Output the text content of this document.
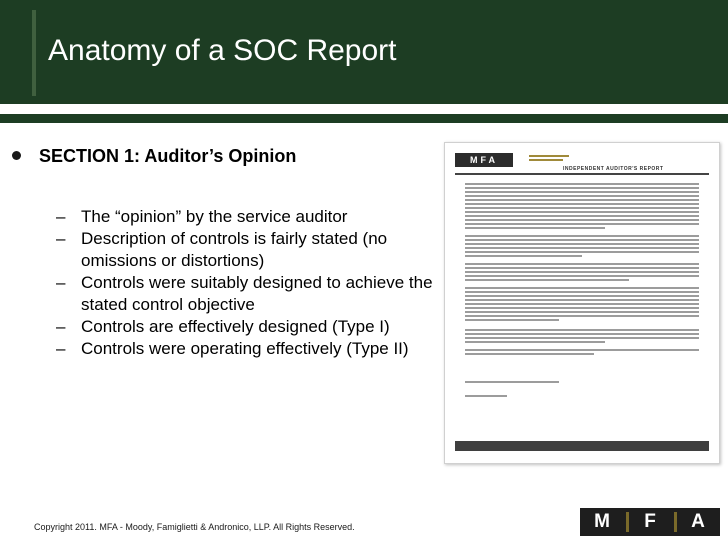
Anatomy of a SOC Report
SECTION 1: Auditor’s Opinion
– The “opinion” by the service auditor
– Description of controls is fairly stated (no omissions or distortions)
– Controls were suitably designed to achieve the stated control objective
– Controls are effectively designed (Type I)
– Controls were operating effectively (Type II)
MFA
INDEPENDENT AUDITOR'S REPORT
Copyright 2011. MFA - Moody, Famiglietti & Andronico, LLP. All Rights Reserved.	M	F	A
